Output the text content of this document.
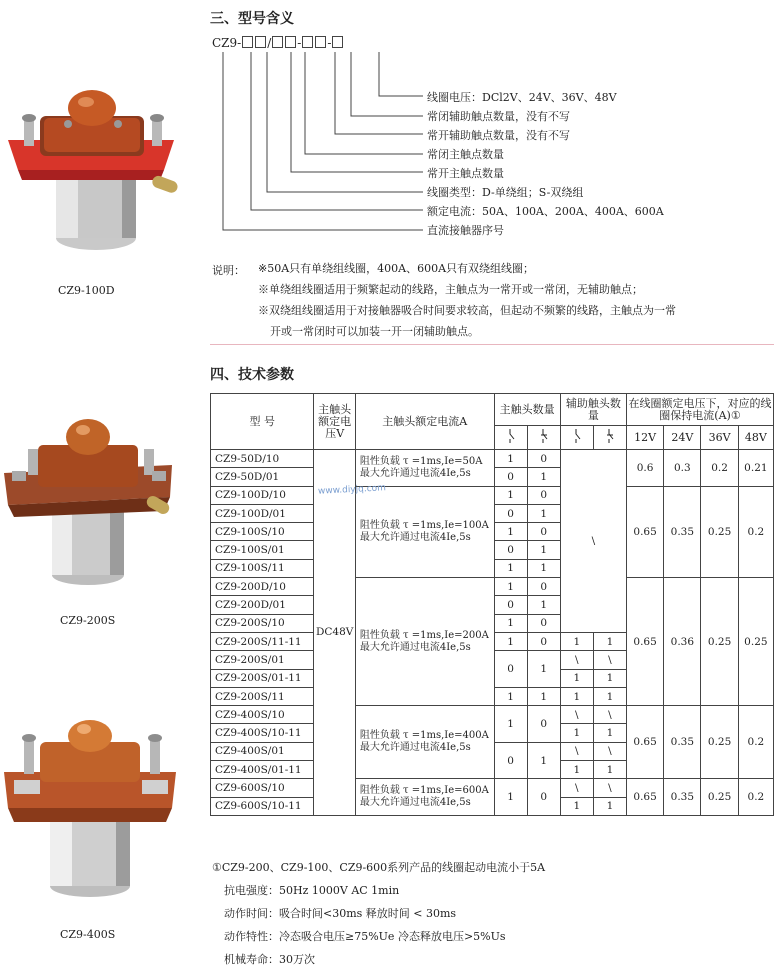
CZ9-100D
CZ9-200S
CZ9-400S
三、型号含义
CZ9- / - -
线圈电压：DCl2V、24V、36V、48V
常闭辅助触点数量，没有不写
常开辅助触点数量，没有不写
常闭主触点数量
常开主触点数量
线圈类型：D-单绕组；S-双绕组
额定电流：50A、100A、200A、400A、600A
直流接触器序号
说明： ※50A只有单绕组线圈，400A、600A只有双绕组线圈；
※单绕组线圈适用于频繁起动的线路，主触点为一常开或一常闭，无辅助触点；
※双绕组线圈适用于对接触器吸合时间要求较高，但起动不频繁的线路，主触点为一常
开或一常闭时可以加装一开一闭辅助触点。
四、技术参数
型 号	主触头额定电压V	主触头额定电流A	主触头数量		辅助触头数量		在线圈额定电压下，对应的线圈保持电流(A)①			

				12V	24V	36V	48V
CZ9-50D/10	DC48V	阻性负载 τ =1ms,Ie=50A 最大允许通过电流4Ie,5s	1	0	\		0.6	0.3	0.2	0.21
CZ9-50D/01			0	1						
CZ9-100D/10		阻性负载 τ =1ms,Ie=100A 最大允许通过电流4Ie,5s	1	0			0.65	0.35	0.25	0.2
CZ9-100D/01			0	1						
CZ9-100S/10			1	0						
CZ9-100S/01			0	1						
CZ9-100S/11			1	1						
CZ9-200D/10		阻性负载 τ =1ms,Ie=200A 最大允许通过电流4Ie,5s	1	0			0.65	0.36	0.25	0.25
CZ9-200D/01			0	1						
CZ9-200S/10			1	0						
CZ9-200S/11-11			1	0	1	1				
CZ9-200S/01			0	1	\	\				
CZ9-200S/01-11					1	1				
CZ9-200S/11			1	1	1	1				
CZ9-400S/10		阻性负载 τ =1ms,Ie=400A 最大允许通过电流4Ie,5s	1	0	\	\	0.65	0.35	0.25	0.2
CZ9-400S/10-11					1	1				
CZ9-400S/01			0	1	\	\				
CZ9-400S/01-11					1	1				
CZ9-600S/10		阻性负载 τ =1ms,Ie=600A 最大允许通过电流4Ie,5s	1	0	\	\	0.65	0.35	0.25	0.2
CZ9-600S/10-11					1	1				
www.diyjq.com
①CZ9-200、CZ9-100、CZ9-600系列产品的线圈起动电流小于5A
抗电强度：50Hz 1000V AC 1min
动作时间：吸合时间<30ms 释放时间 < 30ms
动作特性：冷态吸合电压≥75%Ue 冷态释放电压>5%Us
机械寿命：30万次
